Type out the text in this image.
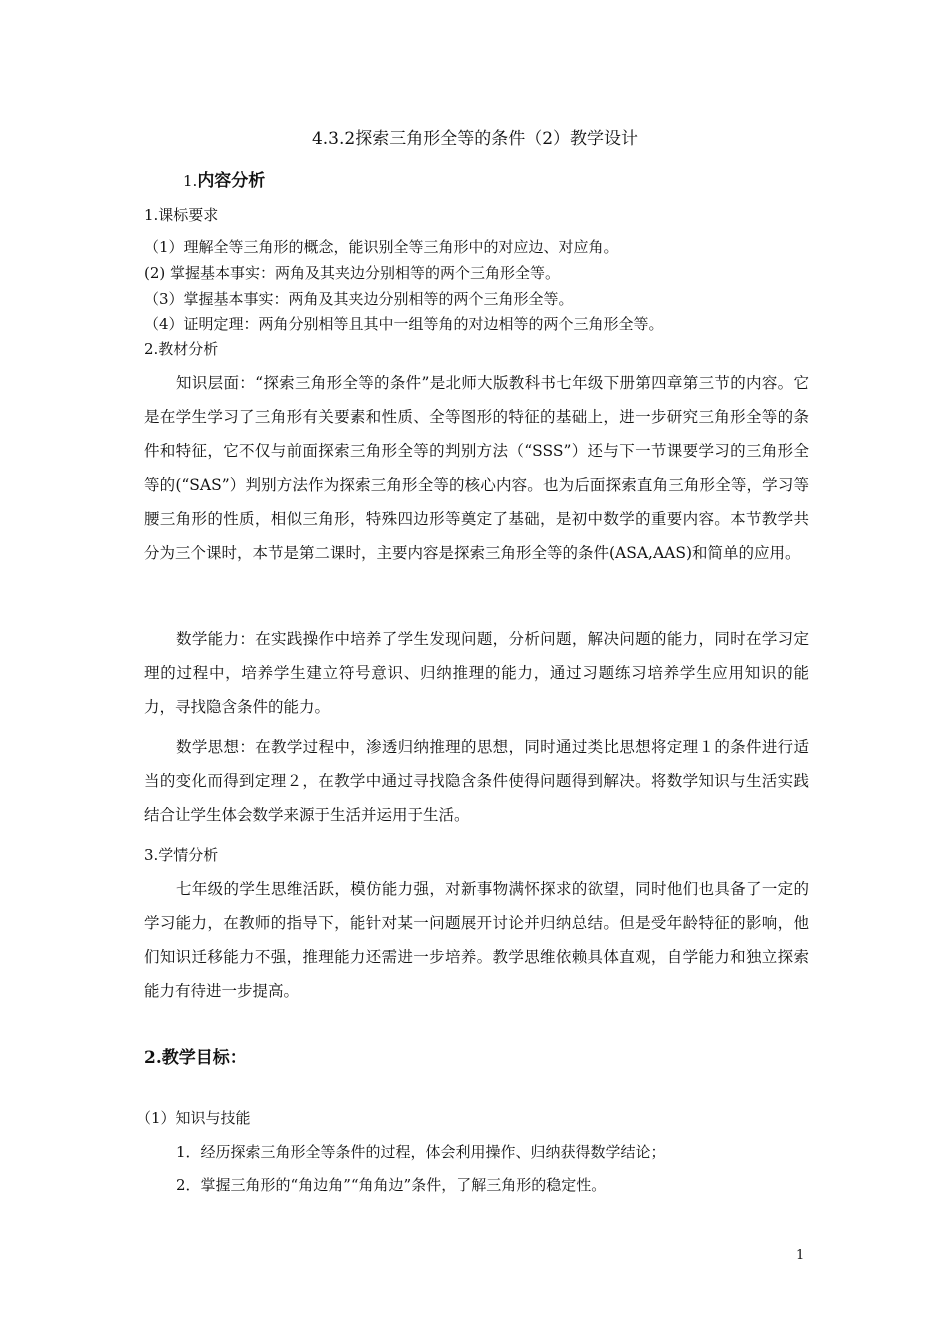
4.3.2探索三角形全等的条件（2）教学设计
1.内容分析
1.课标要求
（1）理解全等三角形的概念，能识别全等三角形中的对应边、对应角。
(2) 掌握基本事实：两角及其夹边分别相等的两个三角形全等。
（3）掌握基本事实：两角及其夹边分别相等的两个三角形全等。
（4）证明定理：两角分别相等且其中一组等角的对边相等的两个三角形全等。
2.教材分析
知识层面：“探索三角形全等的条件”是北师大版教科书七年级下册第四章第三节的内容。它是在学生学习了三角形有关要素和性质、全等图形的特征的基础上，进一步研究三角形全等的条件和特征，它不仅与前面探索三角形全等的判别方法（“SSS”）还与下一节课要学习的三角形全等的(“SAS”）判别方法作为探索三角形全等的核心内容。也为后面探索直角三角形全等，学习等腰三角形的性质，相似三角形，特殊四边形等奠定了基础，是初中数学的重要内容。本节教学共分为三个课时，本节是第二课时，主要内容是探索三角形全等的条件(ASA,AAS)和简单的应用。
数学能力：在实践操作中培养了学生发现问题，分析问题，解决问题的能力，同时在学习定理的过程中，培养学生建立符号意识、归纳推理的能力，通过习题练习培养学生应用知识的能力，寻找隐含条件的能力。
数学思想：在教学过程中，渗透归纳推理的思想，同时通过类比思想将定理１的条件进行适当的变化而得到定理２，在教学中通过寻找隐含条件使得问题得到解决。将数学知识与生活实践结合让学生体会数学来源于生活并运用于生活。
3.学情分析
七年级的学生思维活跃，模仿能力强，对新事物满怀探求的欲望，同时他们也具备了一定的学习能力，在教师的指导下，能针对某一问题展开讨论并归纳总结。但是受年龄特征的影响，他们知识迁移能力不强，推理能力还需进一步培养。教学思维依赖具体直观，自学能力和独立探索能力有待进一步提高。
2.教学目标：
（1）知识与技能
1．经历探索三角形全等条件的过程，体会利用操作、归纳获得数学结论；
2．掌握三角形的“角边角”“角角边”条件，了解三角形的稳定性。
1
